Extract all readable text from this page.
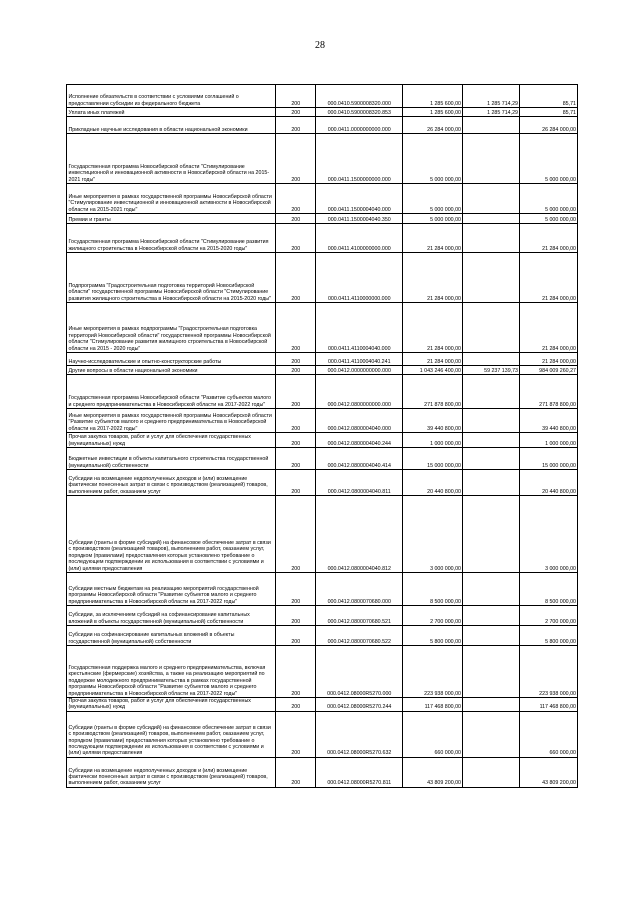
28
Исполнение обязательств в соответствии с условиями соглашений о предоставлении субсидии из федерального бюджета	200	000.0410.5900008320.000	1 285 600,00	1 285 714,29	85,71
Уплата иных платежей	200	000.0410.5900008320.853	1 285 600,00	1 285 714,29	85,71
Прикладные научные исследования в области национальной экономики	200	000.0411.0000000000.000	26 284 000,00		26 284 000,00
Государственная программа Новосибирской области "Стимулирование инвестиционной и инновационной активности в Новосибирской области на 2015-2021 годы"	200	000.0411.1500000000.000	5 000 000,00		5 000 000,00
Иные мероприятия в рамках государственной программы Новосибирской области "Стимулирование инвестиционной и инновационной активности в Новосибирской области на 2015-2021 годы"	200	000.0411.1500004040.000	5 000 000,00		5 000 000,00
Премии и гранты	200	000.0411.1500004040.350	5 000 000,00		5 000 000,00
Государственная программа Новосибирской области "Стимулирование развития жилищного строительства в Новосибирской области на 2015-2020 годы"	200	000.0411.4100000000.000	21 284 000,00		21 284 000,00
Подпрограмма "Градостроительная подготовка территорий Новосибирской области" государственной программы Новосибирской области "Стимулирование развития жилищного строительства в Новосибирской области на 2015-2020 годы"	200	000.0411.4110000000.000	21 284 000,00		21 284 000,00
Иные мероприятия в рамках подпрограммы "Градостроительная подготовка территорий Новосибирской области" государственной программы Новосибирской области "Стимулирование развития жилищного строительства в Новосибирской области на 2015 - 2020 годы"	200	000.0411.4110004040.000	21 284 000,00		21 284 000,00
Научно-исследовательские и опытно-конструкторские работы	200	000.0411.4110004040.241	21 284 000,00		21 284 000,00
Другие вопросы в области национальной экономики	200	000.0412.0000000000.000	1 043 246 400,00	59 237 139,73	984 009 260,27
Государственная программа Новосибирской области "Развитие субъектов малого и среднего предпринимательства в Новосибирской области на 2017-2022 годы"	200	000.0412.0800000000.000	271 878 800,00		271 878 800,00
Иные мероприятия в рамках государственной программы Новосибирской области "Развитие субъектов малого и среднего предпринимательства в Новосибирской области на 2017-2022 годы"	200	000.0412.0800004040.000	39 440 800,00		39 440 800,00
Прочая закупка товаров, работ и услуг для обеспечения государственных (муниципальных) нужд	200	000.0412.0800004040.244	1 000 000,00		1 000 000,00
Бюджетные инвестиции в объекты капитального строительства государственной (муниципальной) собственности	200	000.0412.0800004040.414	15 000 000,00		15 000 000,00
Субсидии на возмещение недополученных доходов и (или) возмещение фактически понесенных затрат в связи с производством (реализацией) товаров, выполнением работ, оказанием услуг	200	000.0412.0800004040.811	20 440 800,00		20 440 800,00
Субсидии (гранты в форме субсидий) на финансовое обеспечение затрат в связи с производством (реализацией товаров), выполнением работ, оказанием услуг, порядком (правилами) предоставления которых установлено требование о последующем подтверждении их использования в соответствии с условиями и (или) целями предоставления	200	000.0412.0800004040.812	3 000 000,00		3 000 000,00
Субсидии местным бюджетам на реализацию мероприятий государственной программы Новосибирской области "Развитие субъектов малого и среднего предпринимательства в Новосибирской области на 2017-2022 годы"	200	000.0412.0800070680.000	8 500 000,00		8 500 000,00
Субсидии, за исключением субсидий на софинансирование капитальных вложений в объекты государственной (муниципальной) собственности	200	000.0412.0800070680.521	2 700 000,00		2 700 000,00
Субсидии на софинансирование капитальных вложений в объекты государственной (муниципальной) собственности	200	000.0412.0800070680.522	5 800 000,00		5 800 000,00
Государственная поддержка малого и среднего предпринимательства, включая крестьянские (фермерские) хозяйства, а также на реализацию мероприятий по поддержке молодежного предпринимательства в рамках государственной программы Новосибирской области "Развитие субъектов малого и среднего предпринимательства в Новосибирской области на 2017-2022 годы"	200	000.0412.08000R5270.000	223 938 000,00		223 938 000,00
Прочая закупка товаров, работ и услуг для обеспечения государственных (муниципальных) нужд	200	000.0412.08000R5270.244	117 468 800,00		117 468 800,00
Субсидии (гранты в форме субсидий) на финансовое обеспечение затрат в связи с производством (реализацией) товаров, выполнением работ, оказанием услуг, порядком (правилами) предоставления которых установлено требование о последующем подтверждении их использования в соответствии с условиями и (или) целями предоставления	200	000.0412.08000R5270.632	660 000,00		660 000,00
Субсидии на возмещение недополученных доходов и (или) возмещение фактически понесенных затрат в связи с производством (реализацией) товаров, выполнением работ, оказанием услуг	200	000.0412.08000R5270.811	43 809 200,00		43 809 200,00
